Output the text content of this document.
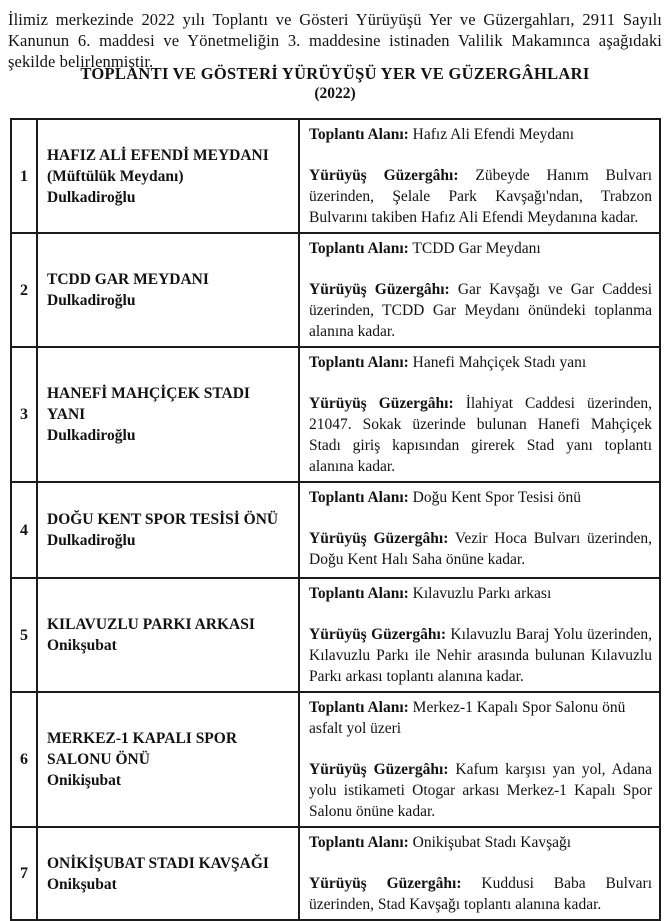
İlimiz merkezinde 2022 yılı Toplantı ve Gösteri Yürüyüşü Yer ve Güzergahları, 2911 Sayılı Kanunun 6. maddesi ve Yönetmeliğin 3. maddesine istinaden Valilik Makamınca aşağıdaki şekilde belirlenmiştir.

TOPLANTI VE GÖSTERİ YÜRÜYÜŞÜ YER VE GÜZERGÂHLARI
(2022)
1	
HAFIZ ALİ EFENDİ MEYDANI
(Müftülük Meydanı)
Dulkadiroğlu

Toplantı Alanı: Hafız Ali Efendi Meydanı

Yürüyüş Güzergâhı: Zübeyde Hanım Bulvarı üzerinden, Şelale Park Kavşağı'ndan, Trabzon Bulvarını takiben Hafız Ali Efendi Meydanına kadar.

2	
TCDD GAR MEYDANI
Dulkadiroğlu

Toplantı Alanı: TCDD Gar Meydanı

Yürüyüş Güzergâhı: Gar Kavşağı ve Gar Caddesi üzerinden, TCDD Gar Meydanı önündeki toplanma alanına kadar.

3	
HANEFİ MAHÇİÇEK STADI YANI
Dulkadiroğlu

Toplantı Alanı: Hanefi Mahçiçek Stadı yanı

Yürüyüş Güzergâhı: İlahiyat Caddesi üzerinden, 21047. Sokak üzerinde bulunan Hanefi Mahçiçek Stadı giriş kapısından girerek Stad yanı toplantı alanına kadar.

4	
DOĞU KENT SPOR TESİSİ ÖNÜ
Dulkadiroğlu

Toplantı Alanı: Doğu Kent Spor Tesisi önü

Yürüyüş Güzergâhı: Vezir Hoca Bulvarı üzerinden, Doğu Kent Halı Saha önüne kadar.

5	
KILAVUZLU PARKI ARKASI
Onikşubat

Toplantı Alanı: Kılavuzlu Parkı arkası

Yürüyüş Güzergâhı: Kılavuzlu Baraj Yolu üzerinden, Kılavuzlu Parkı ile Nehir arasında bulunan Kılavuzlu Parkı arkası toplantı alanına kadar.

6	
MERKEZ-1 KAPALI SPOR SALONU ÖNÜ
Onikişubat

Toplantı Alanı: Merkez-1 Kapalı Spor Salonu önü asfalt yol üzeri

Yürüyüş Güzergâhı: Kafum karşısı yan yol, Adana yolu istikameti Otogar arkası Merkez-1 Kapalı Spor Salonu önüne kadar.

7	
ONİKİŞUBAT STADI KAVŞAĞI
Onikşubat

Toplantı Alanı: Onikişubat Stadı Kavşağı

Yürüyüş Güzergâhı: Kuddusi Baba Bulvarı üzerinden, Stad Kavşağı toplantı alanına kadar.
